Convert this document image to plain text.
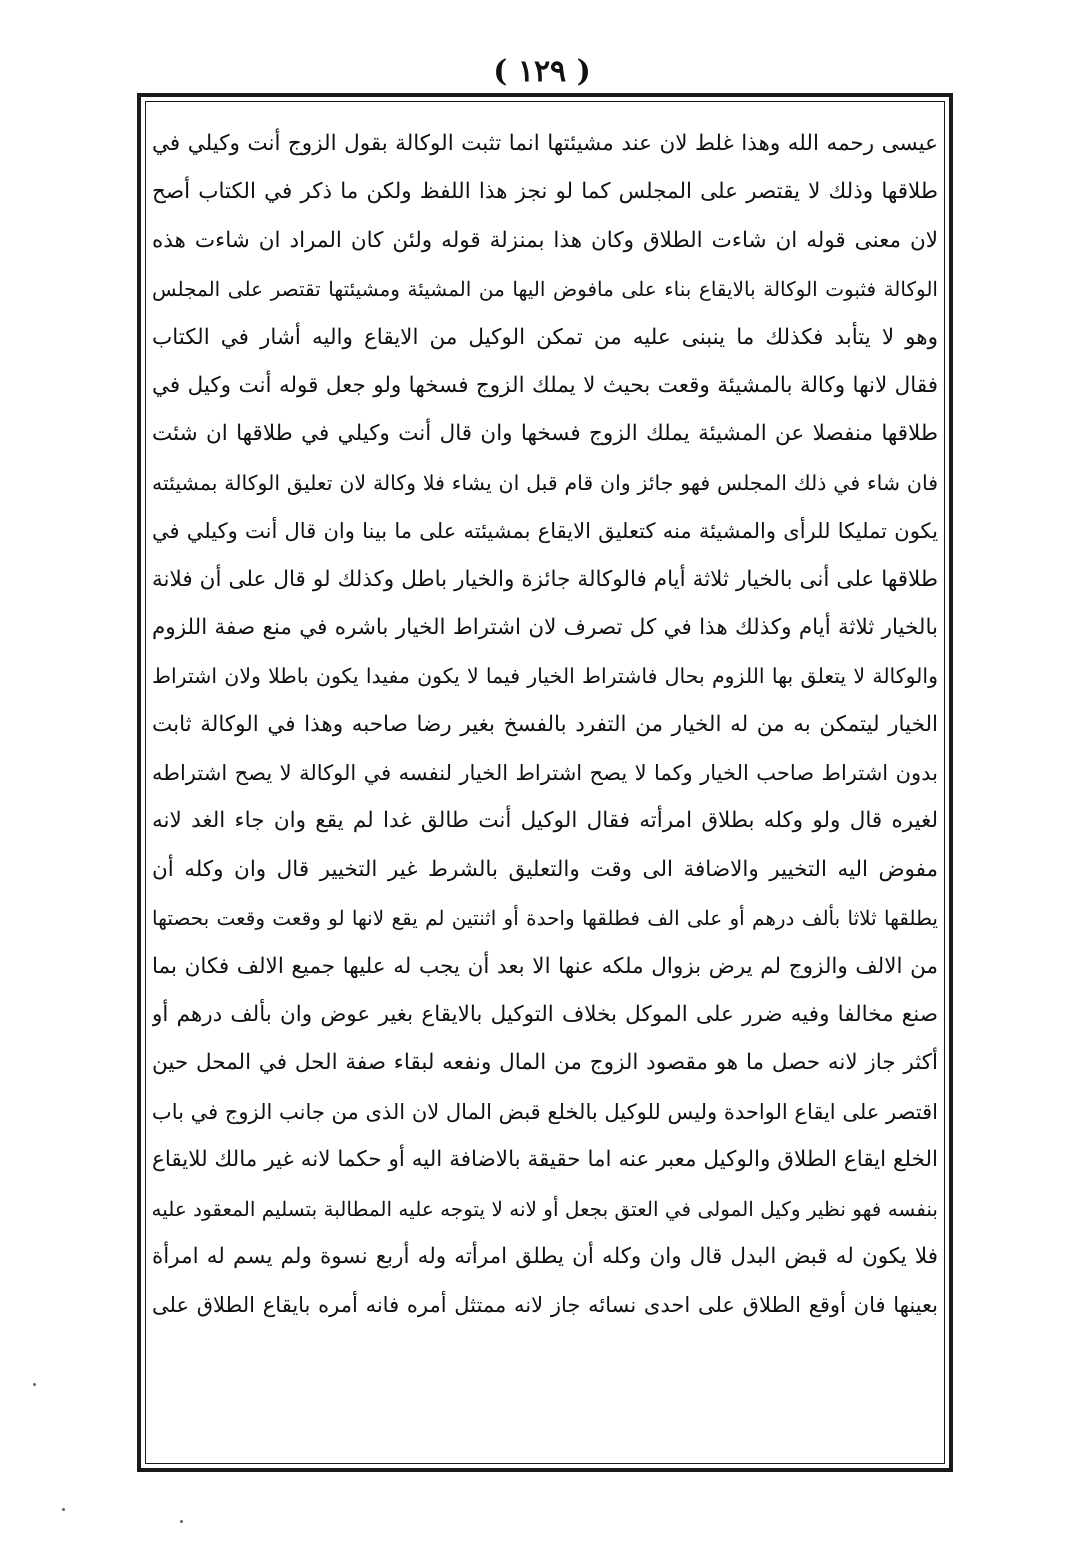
( ١٢٩ )
عيسى رحمه الله وهذا غلط لان عند مشيئتها انما تثبت الوكالة بقول الزوج أنت وكيلي في
طلاقها وذلك لا يقتصر على المجلس كما لو نجز هذا اللفظ ولكن ما ذكر في الكتاب أصح
لان معنى قوله ان شاءت الطلاق وكان هذا بمنزلة قوله ولئن كان المراد ان شاءت هذه
الوكالة فثبوت الوكالة بالايقاع بناء على مافوض اليها من المشيئة ومشيئتها تقتصر على المجلس
وهو لا يتأبد فكذلك ما ينبنى عليه من تمكن الوكيل من الايقاع واليه أشار في الكتاب
فقال لانها وكالة بالمشيئة وقعت بحيث لا يملك الزوج فسخها ولو جعل قوله أنت وكيل في
طلاقها منفصلا عن المشيئة يملك الزوج فسخها وان قال أنت وكيلي في طلاقها ان شئت
فان شاء في ذلك المجلس فهو جائز وان قام قبل ان يشاء فلا وكالة لان تعليق الوكالة بمشيئته
يكون تمليكا للرأى والمشيئة منه كتعليق الايقاع بمشيئته على ما بينا وان قال أنت وكيلي في
طلاقها على أنى بالخيار ثلاثة أيام فالوكالة جائزة والخيار باطل وكذلك لو قال على أن فلانة
بالخيار ثلاثة أيام وكذلك هذا في كل تصرف لان اشتراط الخيار باشره في منع صفة اللزوم
والوكالة لا يتعلق بها اللزوم بحال فاشتراط الخيار فيما لا يكون مفيدا يكون باطلا ولان اشتراط
الخيار ليتمكن به من له الخيار من التفرد بالفسخ بغير رضا صاحبه وهذا في الوكالة ثابت
بدون اشتراط صاحب الخيار وكما لا يصح اشتراط الخيار لنفسه في الوكالة لا يصح اشتراطه
لغيره قال ولو وكله بطلاق امرأته فقال الوكيل أنت طالق غدا لم يقع وان جاء الغد لانه
مفوض اليه التخيير والاضافة الى وقت والتعليق بالشرط غير التخيير قال وان وكله أن
يطلقها ثلاثا بألف درهم أو على الف فطلقها واحدة أو اثنتين لم يقع لانها لو وقعت وقعت بحصتها
من الالف والزوج لم يرض بزوال ملكه عنها الا بعد أن يجب له عليها جميع الالف فكان بما
صنع مخالفا وفيه ضرر على الموكل بخلاف التوكيل بالايقاع بغير عوض وان بألف درهم أو
أكثر جاز لانه حصل ما هو مقصود الزوج من المال ونفعه لبقاء صفة الحل في المحل حين
اقتصر على ايقاع الواحدة وليس للوكيل بالخلع قبض المال لان الذى من جانب الزوج في باب
الخلع ايقاع الطلاق والوكيل معبر عنه اما حقيقة بالاضافة اليه أو حكما لانه غير مالك للايقاع
بنفسه فهو نظير وكيل المولى في العتق بجعل أو لانه لا يتوجه عليه المطالبة بتسليم المعقود عليه
فلا يكون له قبض البدل قال وان وكله أن يطلق امرأته وله أربع نسوة ولم يسم له امرأة
بعينها فان أوقع الطلاق على احدى نسائه جاز لانه ممتثل أمره فانه أمره بايقاع الطلاق على
